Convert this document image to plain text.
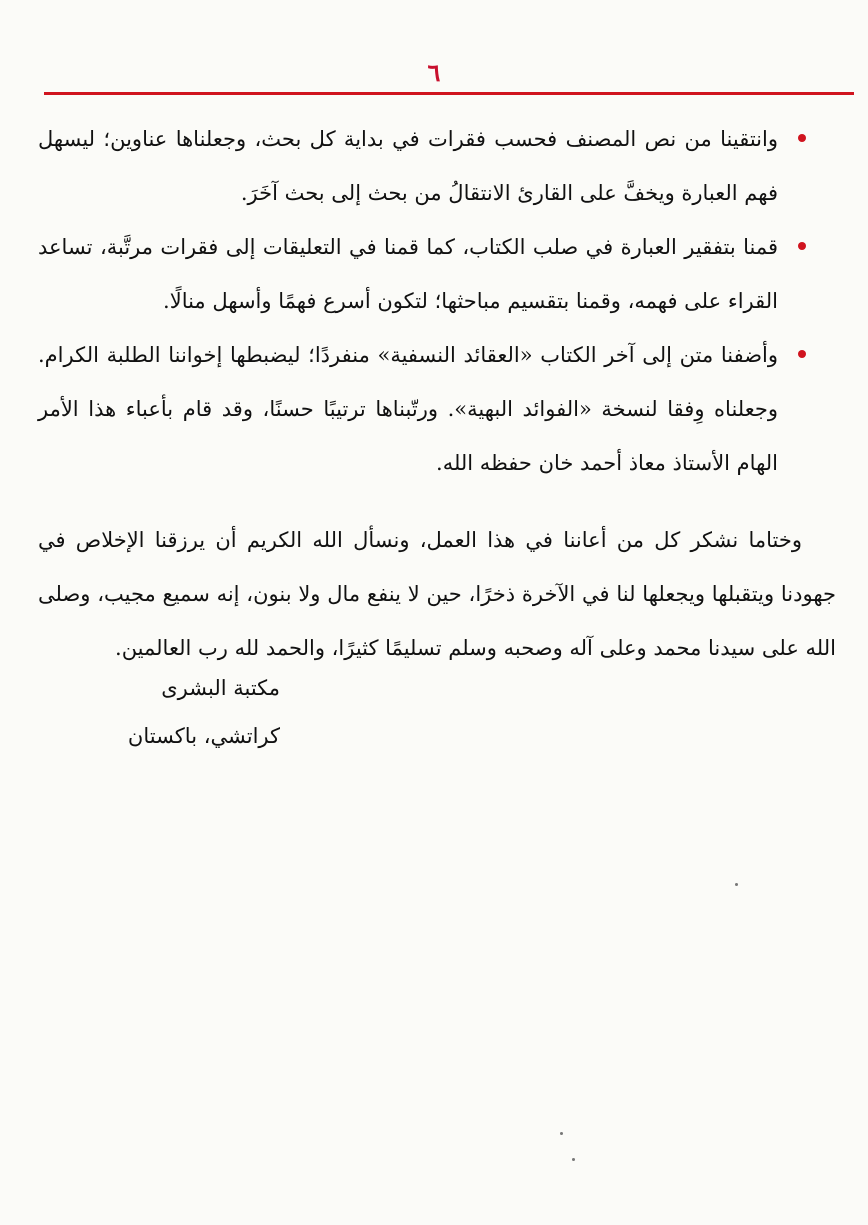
٦
وانتقينا من نص المصنف فحسب فقرات في بداية كل بحث، وجعلناها عناوين؛ ليسهل فهم العبارة ويخفَّ على القارئ الانتقالُ من بحث إلى بحث آخَرَ.
قمنا بتفقير العبارة في صلب الكتاب، كما قمنا في التعليقات إلى فقرات مرتَّبة، تساعد القراء على فهمه، وقمنا بتقسيم مباحثها؛ لتكون أسرع فهمًا وأسهل منالًا.
وأضفنا متن إلى آخر الكتاب «العقائد النسفية» منفردًا؛ ليضبطها إخواننا الطلبة الكرام. وجعلناه وِفقا لنسخة «الفوائد البهية». ورتّبناها ترتيبًا حسنًا، وقد قام بأعباء هذا الأمر الهام الأستاذ معاذ أحمد خان حفظه الله.

وختاما نشكر كل من أعاننا في هذا العمل، ونسأل الله الكريم أن يرزقنا الإخلاص في جهودنا ويتقبلها ويجعلها لنا في الآخرة ذخرًا، حين لا ينفع مال ولا بنون، إنه سميع مجيب، وصلى الله على سيدنا محمد وعلى آله وصحبه وسلم تسليمًا كثيرًا، والحمد لله رب العالمين.

مكتبة البشرى
كراتشي، باكستان
